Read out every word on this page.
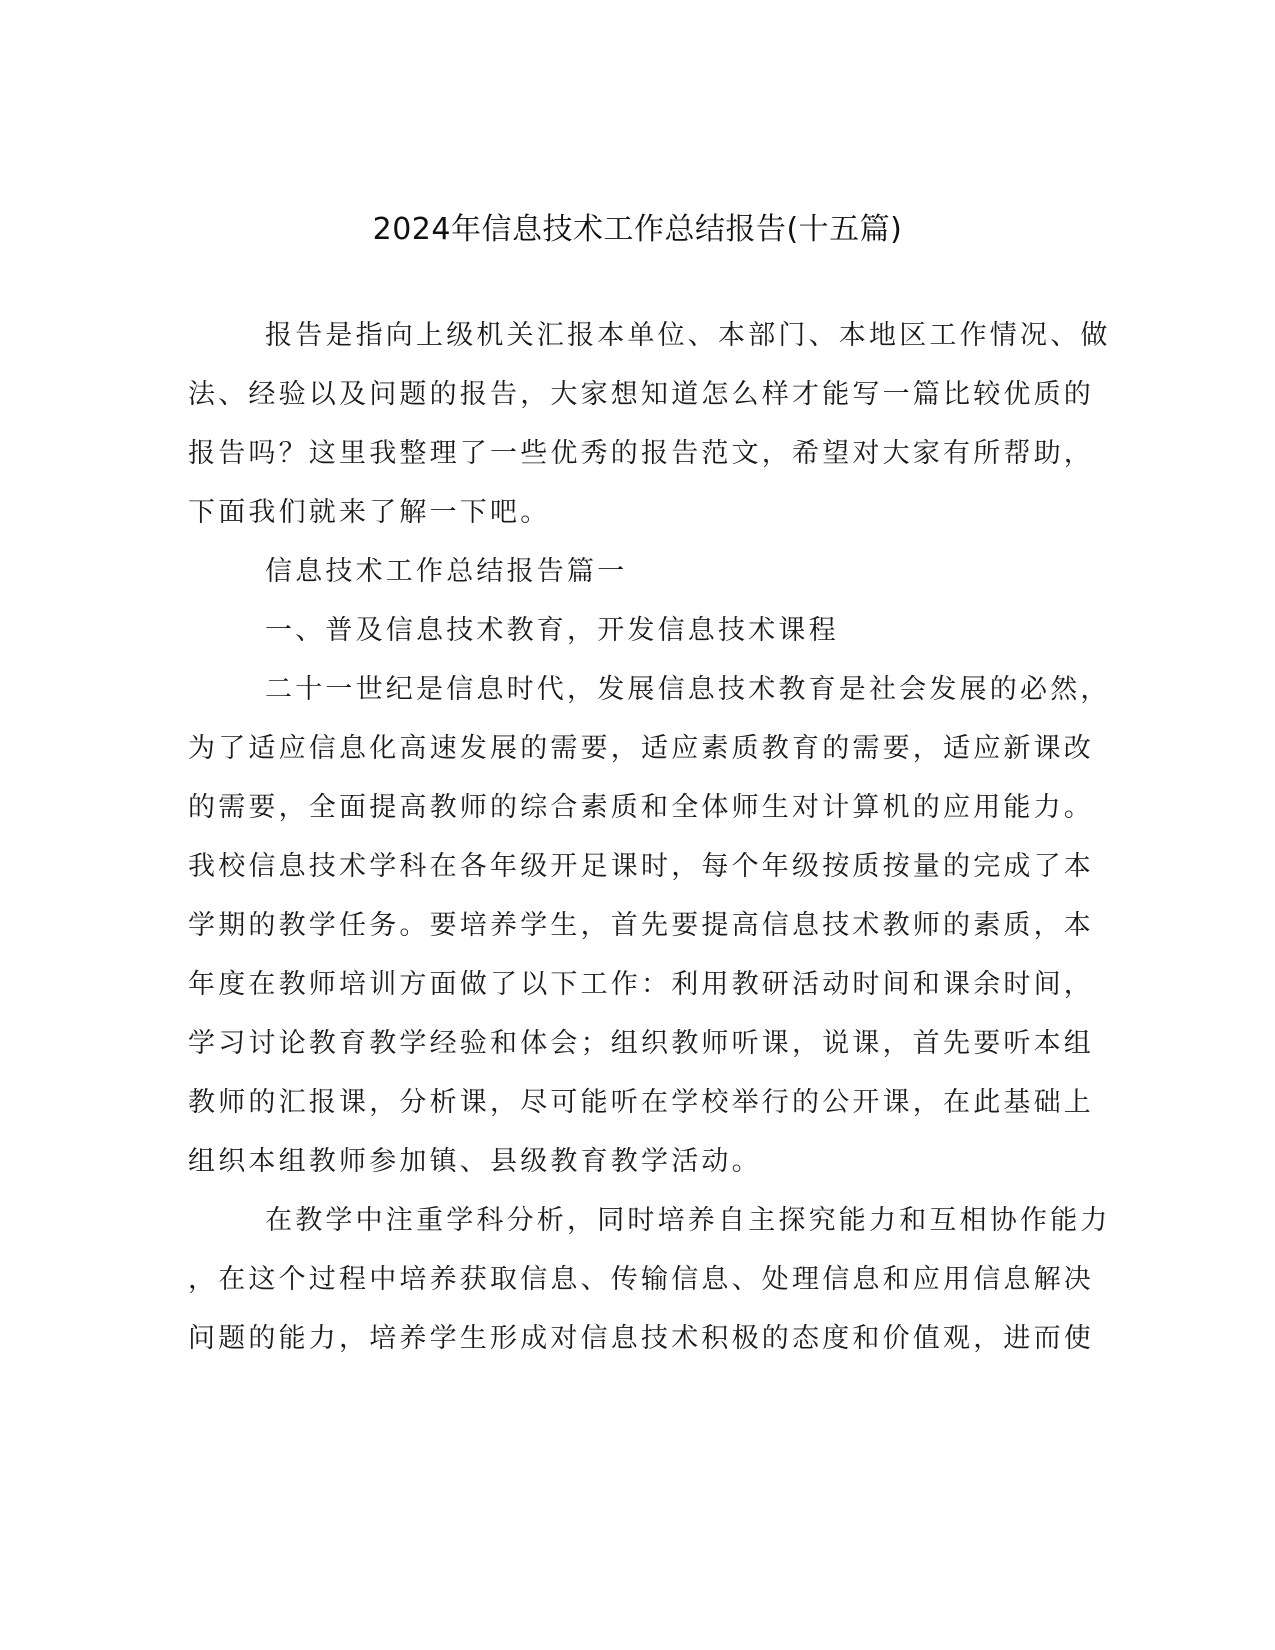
2024年信息技术工作总结报告(十五篇)
报告是指向上级机关汇报本单位、本部门、本地区工作情况、做
法、经验以及问题的报告，大家想知道怎么样才能写一篇比较优质的
报告吗？这里我整理了一些优秀的报告范文，希望对大家有所帮助，
下面我们就来了解一下吧。
信息技术工作总结报告篇一
一、普及信息技术教育，开发信息技术课程
二十一世纪是信息时代，发展信息技术教育是社会发展的必然，
为了适应信息化高速发展的需要，适应素质教育的需要，适应新课改
的需要，全面提高教师的综合素质和全体师生对计算机的应用能力。
我校信息技术学科在各年级开足课时，每个年级按质按量的完成了本
学期的教学任务。要培养学生，首先要提高信息技术教师的素质，本
年度在教师培训方面做了以下工作：利用教研活动时间和课余时间，
学习讨论教育教学经验和体会；组织教师听课，说课，首先要听本组
教师的汇报课，分析课，尽可能听在学校举行的公开课，在此基础上
组织本组教师参加镇、县级教育教学活动。
在教学中注重学科分析，同时培养自主探究能力和互相协作能力
，在这个过程中培养获取信息、传输信息、处理信息和应用信息解决
问题的能力，培养学生形成对信息技术积极的态度和价值观，进而使
